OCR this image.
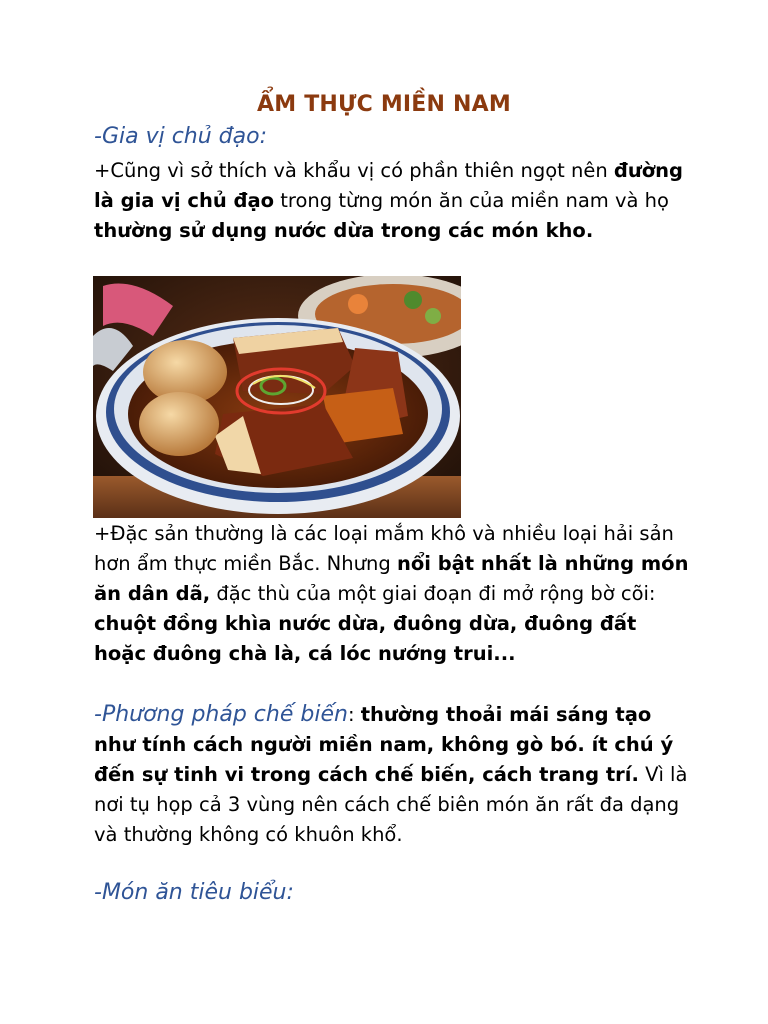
ẨM THỰC MIỀN NAM
-Gia vị chủ đạo:
+Cũng vì sở thích và khẩu vị có phần thiên ngọt nên đường là gia vị chủ đạo trong từng món ăn của miền nam và họ thường sử dụng nước dừa trong các món kho.
+Đặc sản thường là các loại mắm khô và nhiều loại hải sản hơn ẩm thực miền Bắc. Nhưng nổi bật nhất là những món ăn dân dã, đặc thù của một giai đoạn đi mở rộng bờ cõi: chuột đồng khìa nước dừa, đuông dừa, đuông đất hoặc đuông chà là, cá lóc nướng trui...
-Phương pháp chế biến: thường thoải mái sáng tạo như tính cách người miền nam, không gò bó. ít chú ý đến sự tinh vi trong cách chế biến, cách trang trí. Vì là nơi tụ họp cả 3 vùng nên cách chế biên món ăn rất đa dạng và thường không có khuôn khổ.
-Món ăn tiêu biểu:
